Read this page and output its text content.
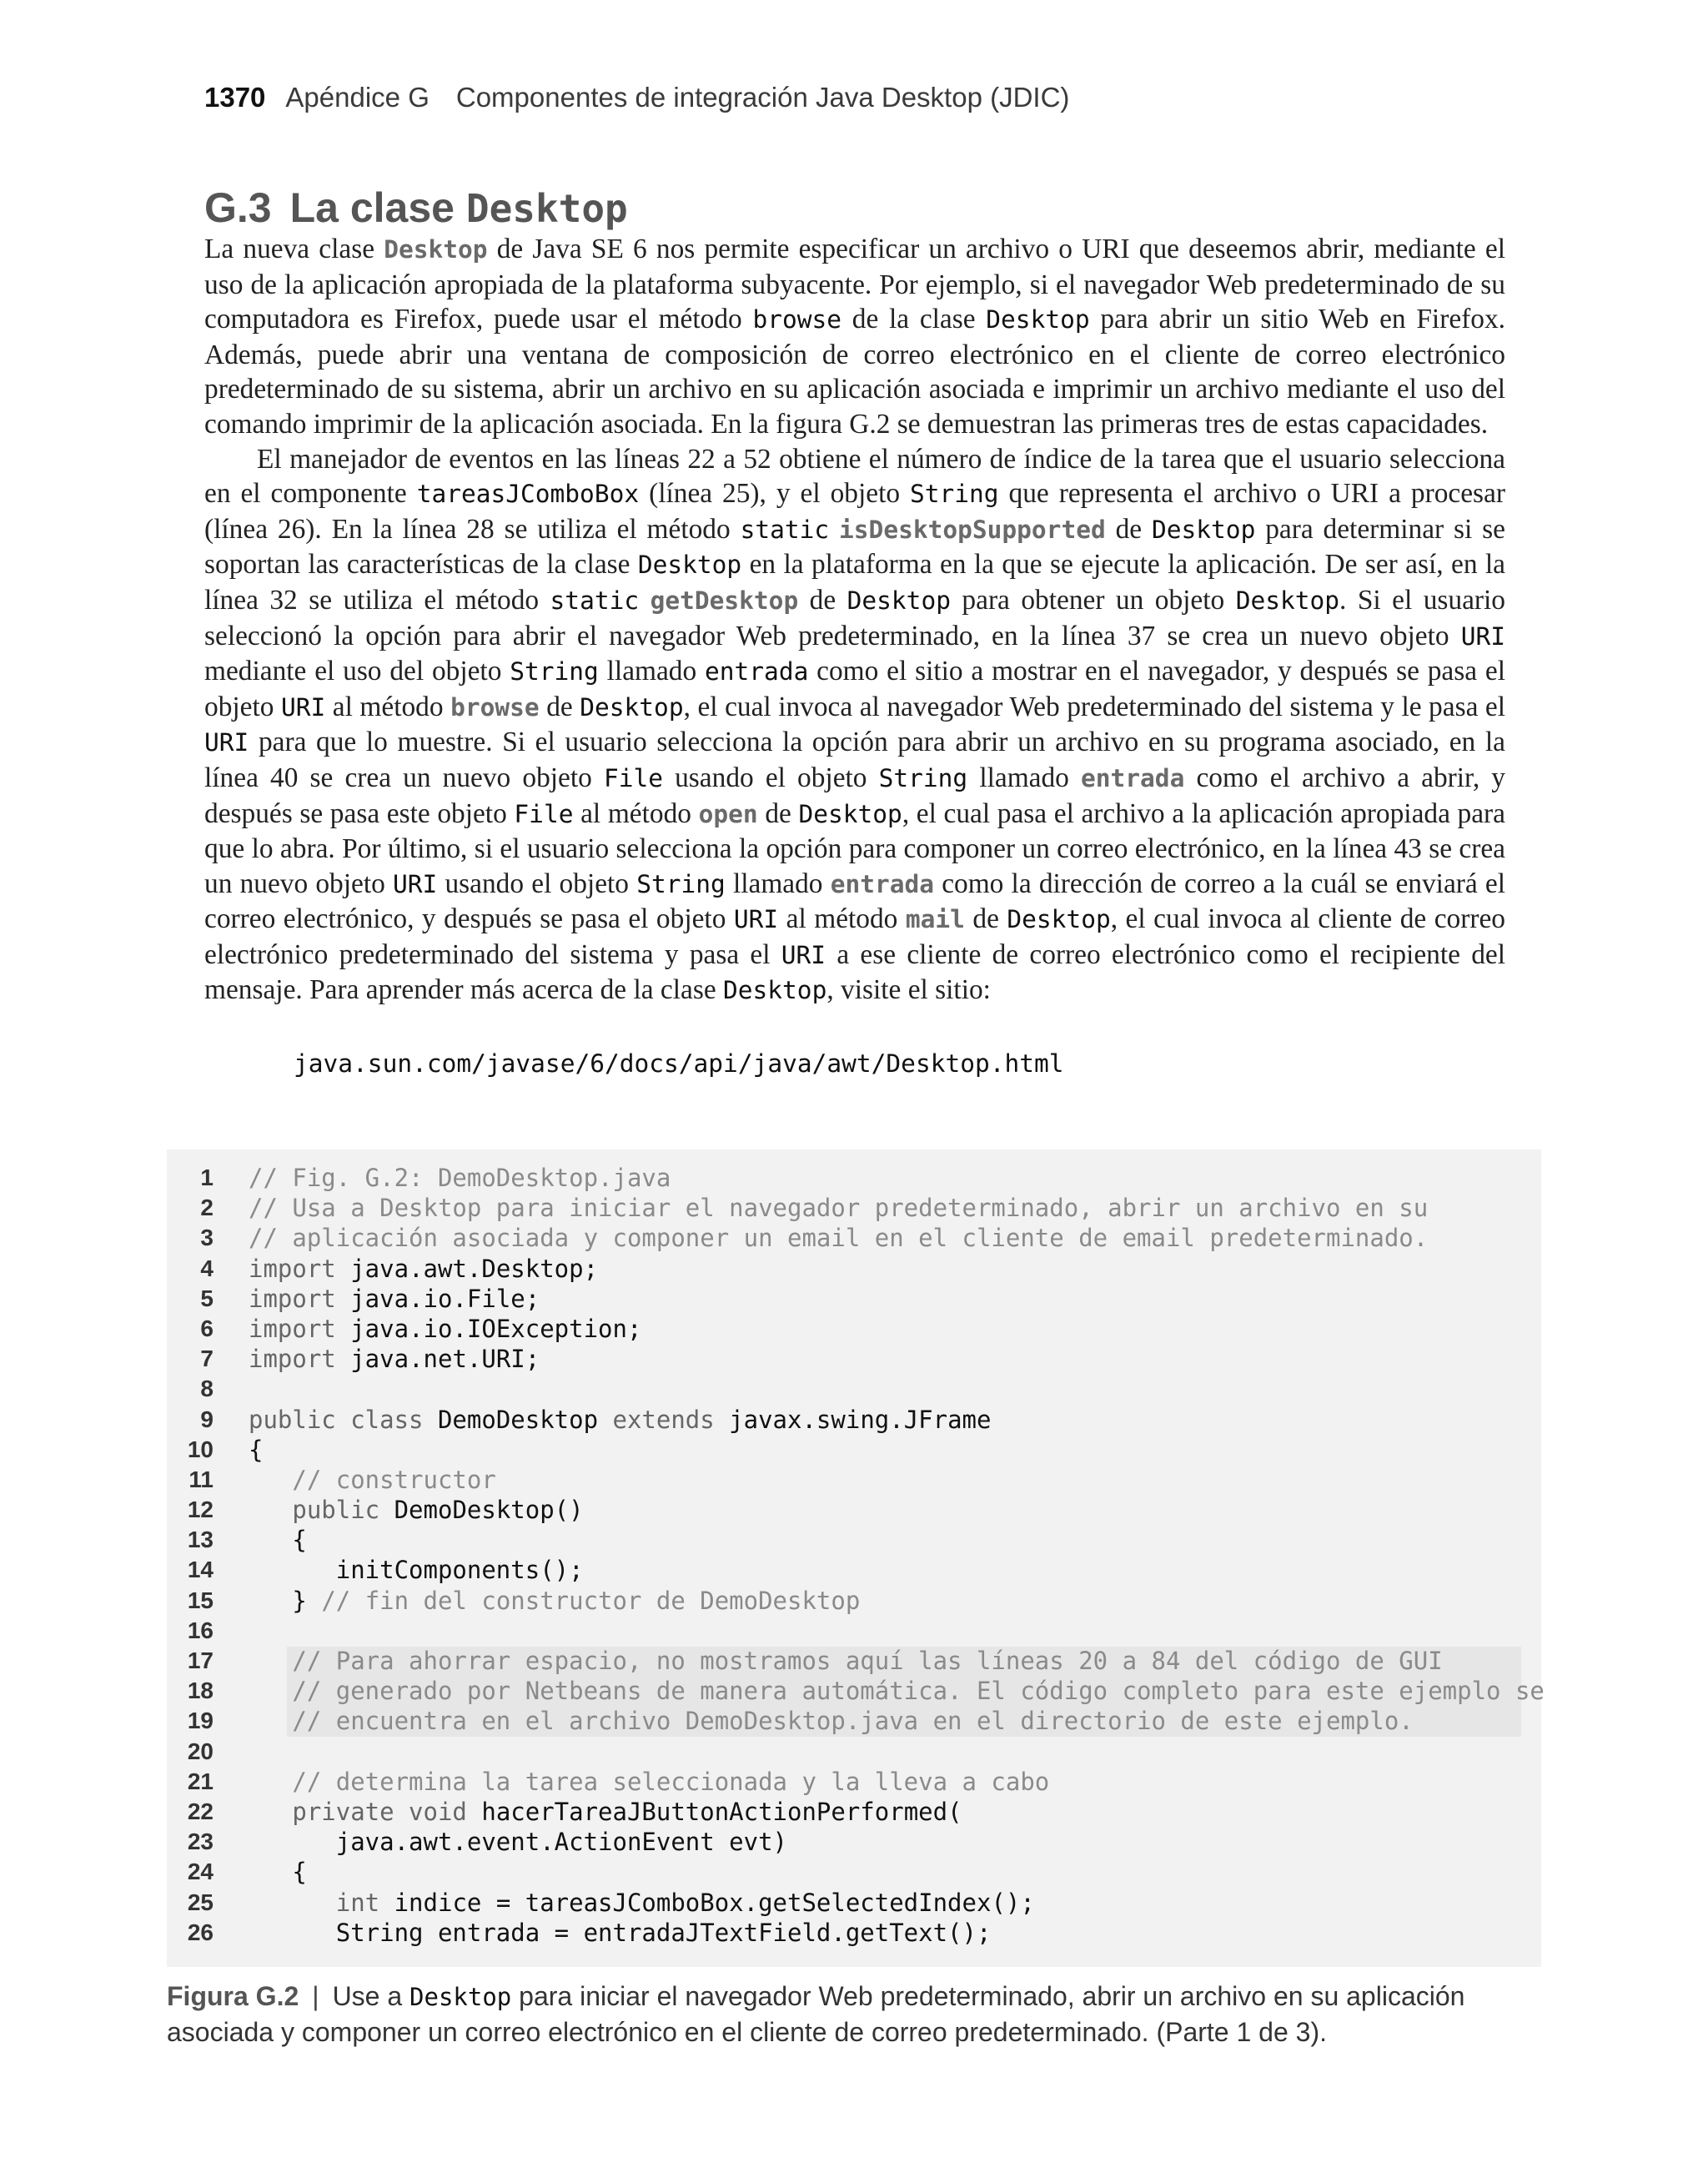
1370 Apéndice G Componentes de integración Java Desktop (JDIC)
G.3 La clase Desktop

La nueva clase Desktop de Java SE 6 nos permite especificar un archivo o URI que deseemos abrir, mediante el uso de la aplicación apropiada de la plataforma subyacente. Por ejemplo, si el navegador Web predeterminado de su computadora es Firefox, puede usar el método browse de la clase Desktop para abrir un sitio Web en Firefox. Además, puede abrir una ventana de composición de correo electrónico en el cliente de correo electrónico predeterminado de su sistema, abrir un archivo en su aplicación asociada e imprimir un archivo mediante el uso del comando imprimir de la aplicación asociada. En la figura G.2 se demuestran las primeras tres de estas capacidades.

El manejador de eventos en las líneas 22 a 52 obtiene el número de índice de la tarea que el usuario selecciona en el componente tareasJComboBox (línea 25), y el objeto String que representa el archivo o URI a procesar (línea 26). En la línea 28 se utiliza el método static isDesktopSupported de Desktop para determinar si se soportan las características de la clase Desktop en la plataforma en la que se ejecute la aplicación. De ser así, en la línea 32 se utiliza el método static getDesktop de Desktop para obtener un objeto Desktop. Si el usuario seleccionó la opción para abrir el navegador Web predeterminado, en la línea 37 se crea un nuevo objeto URI mediante el uso del objeto String llamado entrada como el sitio a mostrar en el navegador, y después se pasa el objeto URI al método browse de Desktop, el cual invoca al navegador Web predeterminado del sistema y le pasa el URI para que lo muestre. Si el usuario selecciona la opción para abrir un archivo en su programa asociado, en la línea 40 se crea un nuevo objeto File usando el objeto String llamado entrada como el archivo a abrir, y después se pasa este objeto File al método open de Desktop, el cual pasa el archivo a la aplicación apropiada para que lo abra. Por último, si el usuario selecciona la opción para componer un correo electrónico, en la línea 43 se crea un nuevo objeto URI usando el objeto String llamado entrada como la dirección de correo a la cuál se enviará el correo electrónico, y después se pasa el objeto URI al método mail de Desktop, el cual invoca al cliente de correo electrónico predeterminado del sistema y pasa el URI a ese cliente de correo electrónico como el recipiente del mensaje. Para aprender más acerca de la clase Desktop, visite el sitio:

java.sun.com/javase/6/docs/api/java/awt/Desktop.html
1 // Fig. G.2: DemoDesktop.java
2 // Usa a Desktop para iniciar el navegador predeterminado, abrir un archivo en su
3 // aplicación asociada y componer un email en el cliente de email predeterminado.
4 import java.awt.Desktop;
5 import java.io.File;
6 import java.io.IOException;
7 import java.net.URI;
8
9 public class DemoDesktop extends javax.swing.JFrame
10 {
11 // constructor
12 public DemoDesktop()
13 {
14 initComponents();
15 } // fin del constructor de DemoDesktop
16
17 // Para ahorrar espacio, no mostramos aquí las líneas 20 a 84 del código de GUI
18 // generado por Netbeans de manera automática. El código completo para este ejemplo se
19 // encuentra en el archivo DemoDesktop.java en el directorio de este ejemplo.
20
21 // determina la tarea seleccionada y la lleva a cabo
22 private void hacerTareaJButtonActionPerformed(
23 java.awt.event.ActionEvent evt)
24 {
25 int indice = tareasJComboBox.getSelectedIndex();
26 String entrada = entradaJTextField.getText();
Figura G.2 | Use a Desktop para iniciar el navegador Web predeterminado, abrir un archivo en su aplicación asociada y componer un correo electrónico en el cliente de correo predeterminado. (Parte 1 de 3).
